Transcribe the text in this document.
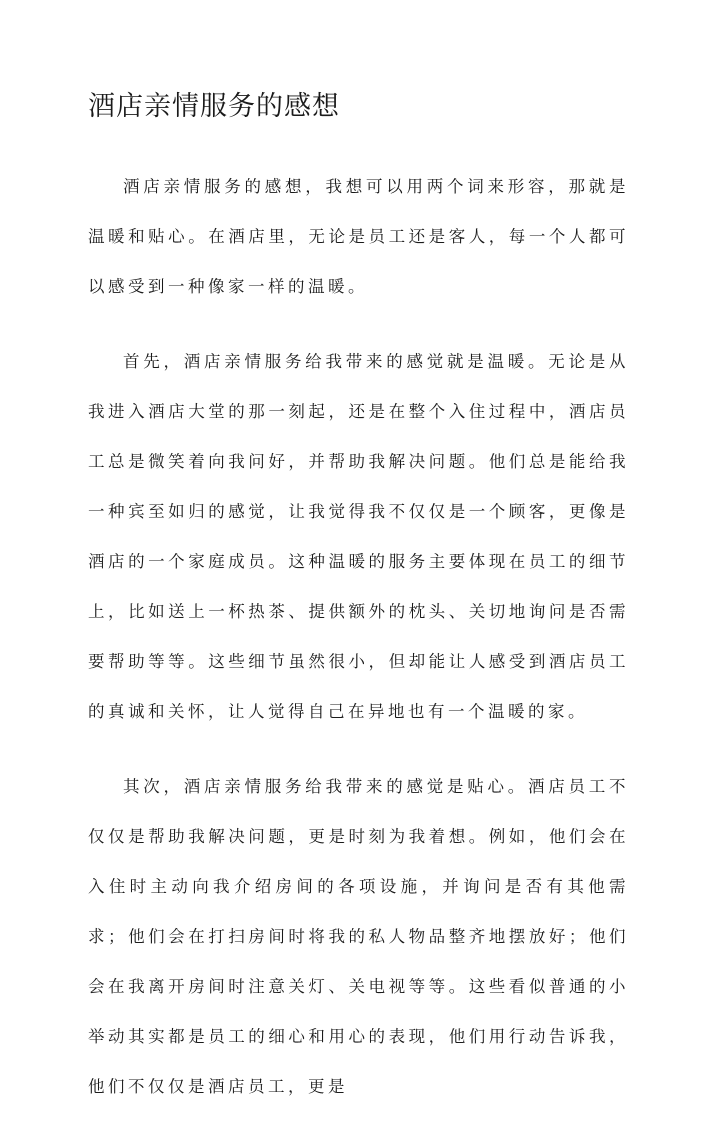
酒店亲情服务的感想

酒店亲情服务的感想，我想可以用两个词来形容，那就是温暖和贴心。在酒店里，无论是员工还是客人，每一个人都可以感受到一种像家一样的温暖。

首先，酒店亲情服务给我带来的感觉就是温暖。无论是从我进入酒店大堂的那一刻起，还是在整个入住过程中，酒店员工总是微笑着向我问好，并帮助我解决问题。他们总是能给我一种宾至如归的感觉，让我觉得我不仅仅是一个顾客，更像是酒店的一个家庭成员。这种温暖的服务主要体现在员工的细节上，比如送上一杯热茶、提供额外的枕头、关切地询问是否需要帮助等等。这些细节虽然很小，但却能让人感受到酒店员工的真诚和关怀，让人觉得自己在异地也有一个温暖的家。

其次，酒店亲情服务给我带来的感觉是贴心。酒店员工不仅仅是帮助我解决问题，更是时刻为我着想。例如，他们会在入住时主动向我介绍房间的各项设施，并询问是否有其他需求；他们会在打扫房间时将我的私人物品整齐地摆放好；他们会在我离开房间时注意关灯、关电视等等。这些看似普通的小举动其实都是员工的细心和用心的表现，他们用行动告诉我，他们不仅仅是酒店员工，更是
